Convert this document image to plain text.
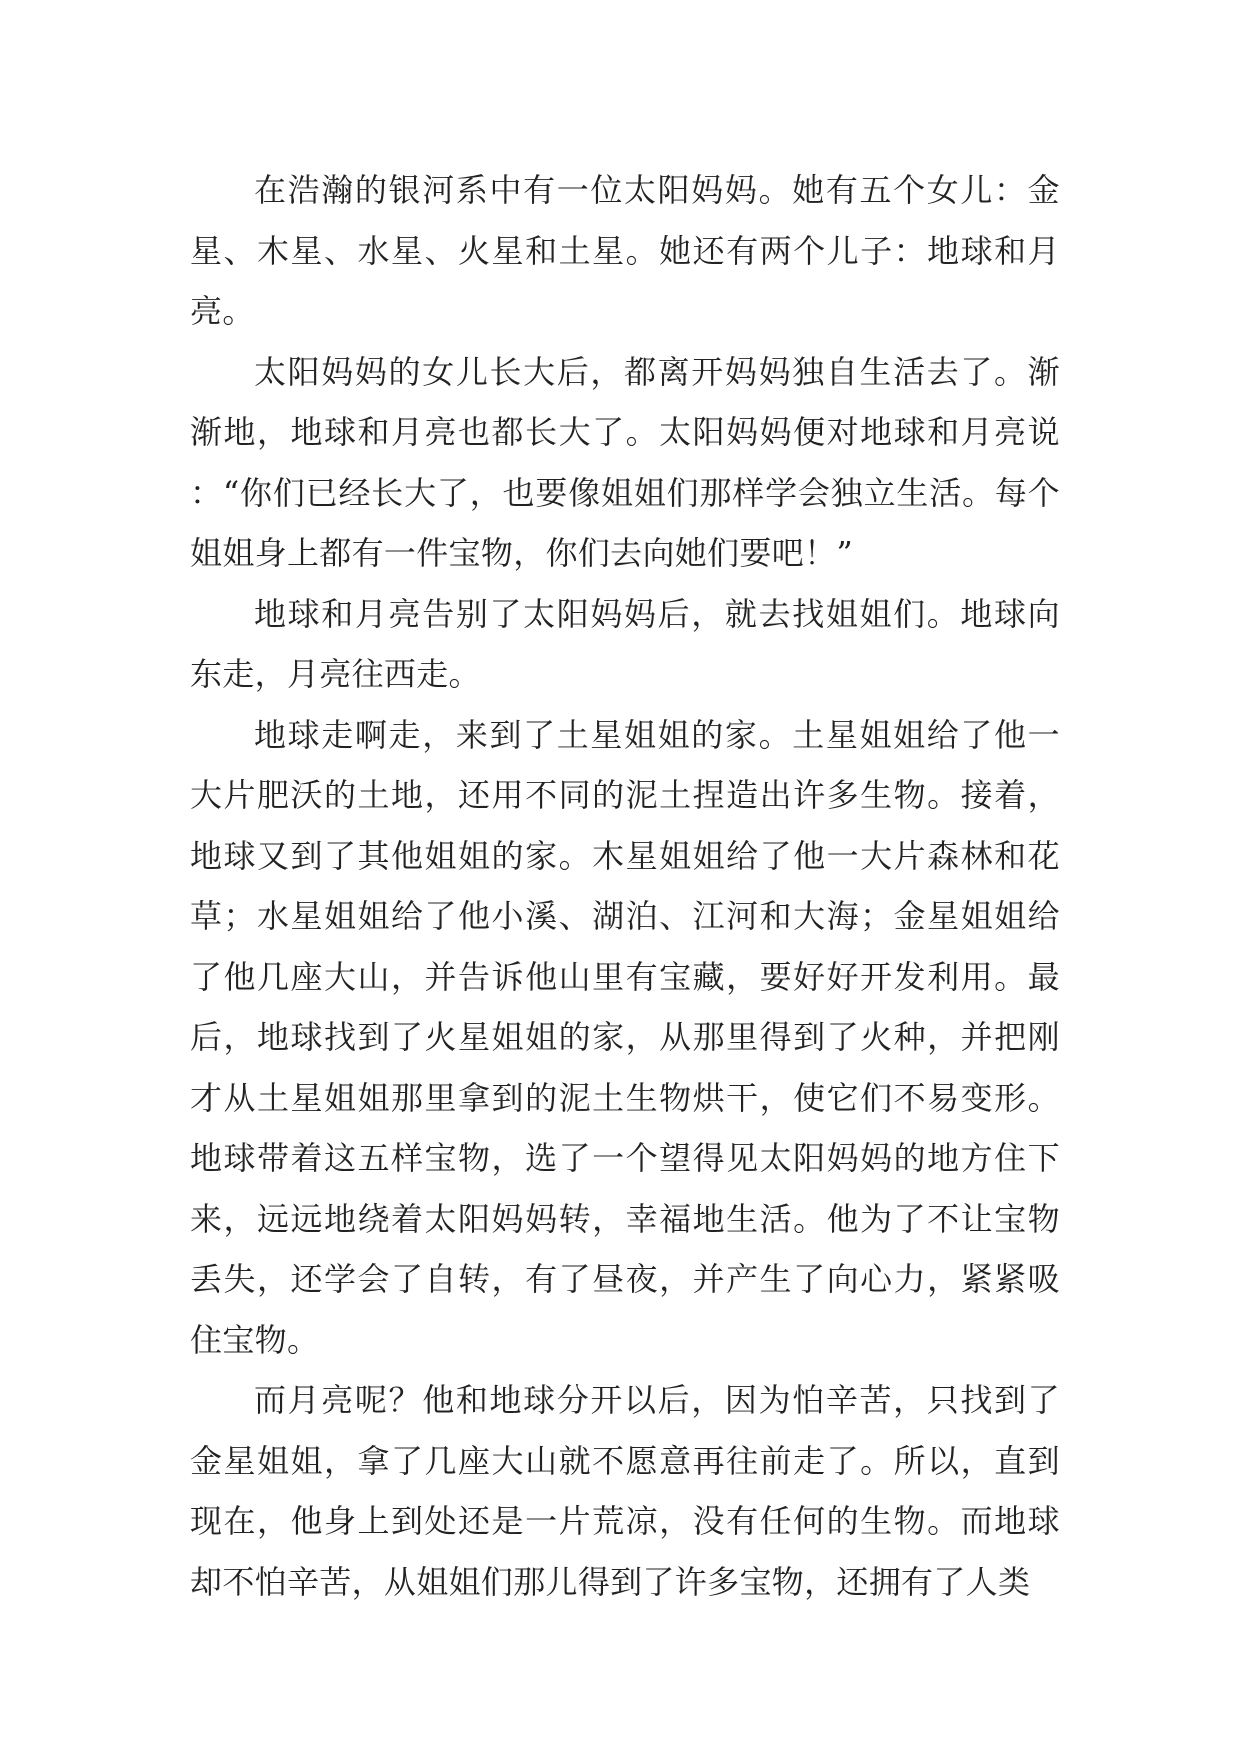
在浩瀚的银河系中有一位太阳妈妈。她有五个女儿：金星、木星、水星、火星和土星。她还有两个儿子：地球和月亮。

太阳妈妈的女儿长大后，都离开妈妈独自生活去了。渐渐地，地球和月亮也都长大了。太阳妈妈便对地球和月亮说：“你们已经长大了，也要像姐姐们那样学会独立生活。每个姐姐身上都有一件宝物，你们去向她们要吧！”

地球和月亮告别了太阳妈妈后，就去找姐姐们。地球向东走，月亮往西走。

地球走啊走，来到了土星姐姐的家。土星姐姐给了他一大片肥沃的土地，还用不同的泥土捏造出许多生物。接着，地球又到了其他姐姐的家。木星姐姐给了他一大片森林和花草；水星姐姐给了他小溪、湖泊、江河和大海；金星姐姐给了他几座大山，并告诉他山里有宝藏，要好好开发利用。最后，地球找到了火星姐姐的家，从那里得到了火种，并把刚才从土星姐姐那里拿到的泥土生物烘干，使它们不易变形。地球带着这五样宝物，选了一个望得见太阳妈妈的地方住下来，远远地绕着太阳妈妈转，幸福地生活。他为了不让宝物丢失，还学会了自转，有了昼夜，并产生了向心力，紧紧吸住宝物。

而月亮呢？他和地球分开以后，因为怕辛苦，只找到了金星姐姐，拿了几座大山就不愿意再往前走了。所以，直到现在，他身上到处还是一片荒凉，没有任何的生物。而地球却不怕辛苦，从姐姐们那儿得到了许多宝物，还拥有了人类
